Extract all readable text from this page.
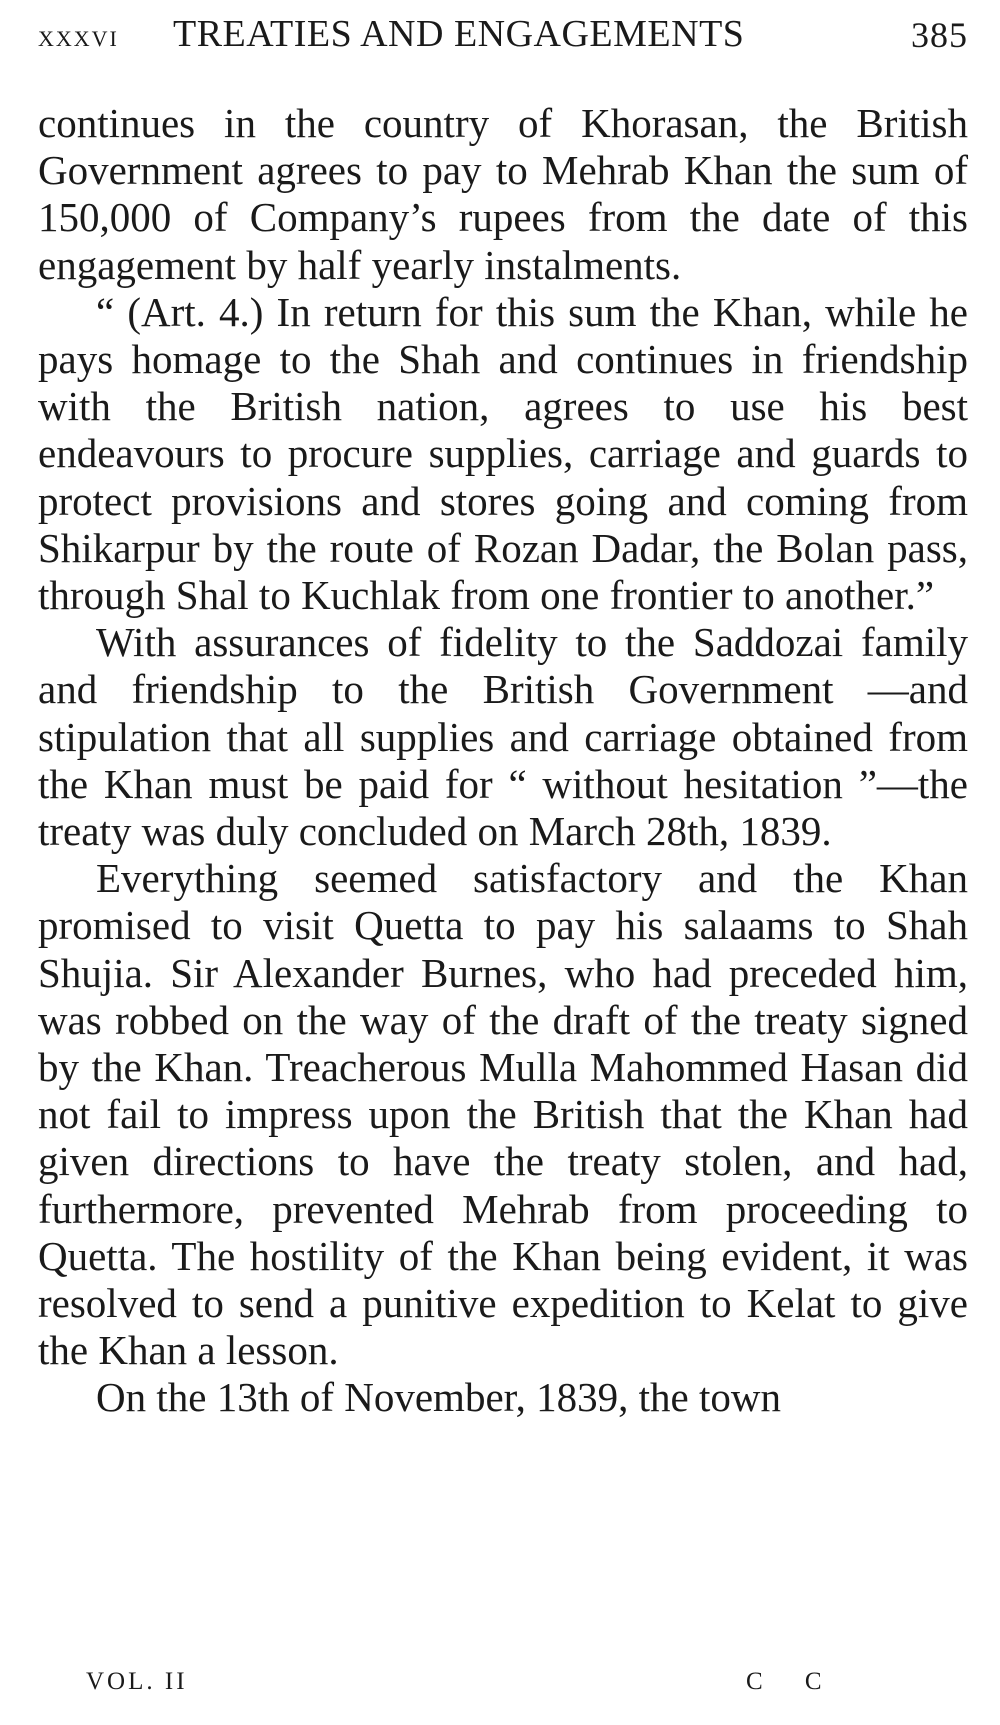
xxxvi TREATIES AND ENGAGEMENTS	385

continues in the country of Khorasan, the British Government agrees to pay to Mehrab Khan the sum of 150,000 of Company’s rupees from the date of this engagement by half yearly instalments.

“ (Art. 4.) In return for this sum the Khan, while he pays homage to the Shah and continues in friendship with the British nation, agrees to use his best endeavours to procure supplies, carriage and guards to protect provisions and stores going and coming from Shikarpur by the route of Rozan Dadar, the Bolan pass, through Shal to Kuchlak from one frontier to another.”

With assurances of fidelity to the Saddozai family and friendship to the British Government —and stipulation that all supplies and carriage obtained from the Khan must be paid for “ without hesitation ”—the treaty was duly concluded on March 28th, 1839.

Everything seemed satisfactory and the Khan promised to visit Quetta to pay his salaams to Shah Shujia. Sir Alexander Burnes, who had preceded him, was robbed on the way of the draft of the treaty signed by the Khan. Treacherous Mulla Mahommed Hasan did not fail to impress upon the British that the Khan had given directions to have the treaty stolen, and had, furthermore, prevented Mehrab from proceeding to Quetta. The hostility of the Khan being evident, it was resolved to send a punitive expedition to Kelat to give the Khan a lesson.

On the 13th of November, 1839, the town

VOL. II	C C
